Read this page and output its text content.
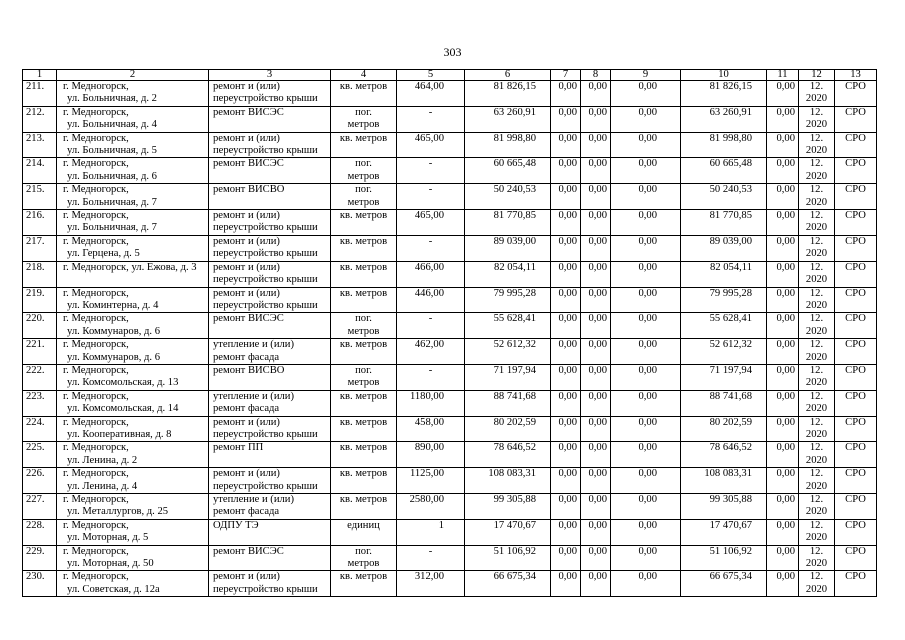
303
1	2	3	4	5	6	7	8	9	10	11	12	13
211.	г. Медногорск,
ул. Больничная, д. 2	ремонт и (или)
переустройство крыши	кв. метров	464,00	81 826,15	0,00	0,00	0,00	81 826,15	0,00	12.
2020	СРО
212.	г. Медногорск,
ул. Больничная, д. 4	ремонт ВИСЭС	пог.
метров	-	63 260,91	0,00	0,00	0,00	63 260,91	0,00	12.
2020	СРО
213.	г. Медногорск,
ул. Больничная, д. 5	ремонт и (или)
переустройство крыши	кв. метров	465,00	81 998,80	0,00	0,00	0,00	81 998,80	0,00	12.
2020	СРО
214.	г. Медногорск,
ул. Больничная, д. 6	ремонт ВИСЭС	пог.
метров	-	60 665,48	0,00	0,00	0,00	60 665,48	0,00	12.
2020	СРО
215.	г. Медногорск,
ул. Больничная, д. 7	ремонт ВИСВО	пог.
метров	-	50 240,53	0,00	0,00	0,00	50 240,53	0,00	12.
2020	СРО
216.	г. Медногорск,
ул. Больничная, д. 7	ремонт и (или)
переустройство крыши	кв. метров	465,00	81 770,85	0,00	0,00	0,00	81 770,85	0,00	12.
2020	СРО
217.	г. Медногорск,
ул. Герцена, д. 5	ремонт и (или)
переустройство крыши	кв. метров	-	89 039,00	0,00	0,00	0,00	89 039,00	0,00	12.
2020	СРО
218.	г. Медногорск, ул. Ежова, д. 3	ремонт и (или)
переустройство крыши	кв. метров	466,00	82 054,11	0,00	0,00	0,00	82 054,11	0,00	12.
2020	СРО
219.	г. Медногорск,
ул. Коминтерна, д. 4	ремонт и (или)
переустройство крыши	кв. метров	446,00	79 995,28	0,00	0,00	0,00	79 995,28	0,00	12.
2020	СРО
220.	г. Медногорск,
ул. Коммунаров, д. 6	ремонт ВИСЭС	пог.
метров	-	55 628,41	0,00	0,00	0,00	55 628,41	0,00	12.
2020	СРО
221.	г. Медногорск,
ул. Коммунаров, д. 6	утепление и (или)
ремонт фасада	кв. метров	462,00	52 612,32	0,00	0,00	0,00	52 612,32	0,00	12.
2020	СРО
222.	г. Медногорск,
ул. Комсомольская, д. 13	ремонт ВИСВО	пог.
метров	-	71 197,94	0,00	0,00	0,00	71 197,94	0,00	12.
2020	СРО
223.	г. Медногорск,
ул. Комсомольская, д. 14	утепление и (или)
ремонт фасада	кв. метров	1180,00	88 741,68	0,00	0,00	0,00	88 741,68	0,00	12.
2020	СРО
224.	г. Медногорск,
ул. Кооперативная, д. 8	ремонт и (или)
переустройство крыши	кв. метров	458,00	80 202,59	0,00	0,00	0,00	80 202,59	0,00	12.
2020	СРО
225.	г. Медногорск,
ул. Ленина, д. 2	ремонт ПП	кв. метров	890,00	78 646,52	0,00	0,00	0,00	78 646,52	0,00	12.
2020	СРО
226.	г. Медногорск,
ул. Ленина, д. 4	ремонт и (или)
переустройство крыши	кв. метров	1125,00	108 083,31	0,00	0,00	0,00	108 083,31	0,00	12.
2020	СРО
227.	г. Медногорск,
ул. Металлургов, д. 25	утепление и (или)
ремонт фасада	кв. метров	2580,00	99 305,88	0,00	0,00	0,00	99 305,88	0,00	12.
2020	СРО
228.	г. Медногорск,
ул. Моторная, д. 5	ОДПУ ТЭ	единиц	1	17 470,67	0,00	0,00	0,00	17 470,67	0,00	12.
2020	СРО
229.	г. Медногорск,
ул. Моторная, д. 50	ремонт ВИСЭС	пог.
метров	-	51 106,92	0,00	0,00	0,00	51 106,92	0,00	12.
2020	СРО
230.	г. Медногорск,
ул. Советская, д. 12а	ремонт и (или)
переустройство крыши	кв. метров	312,00	66 675,34	0,00	0,00	0,00	66 675,34	0,00	12.
2020	СРО
